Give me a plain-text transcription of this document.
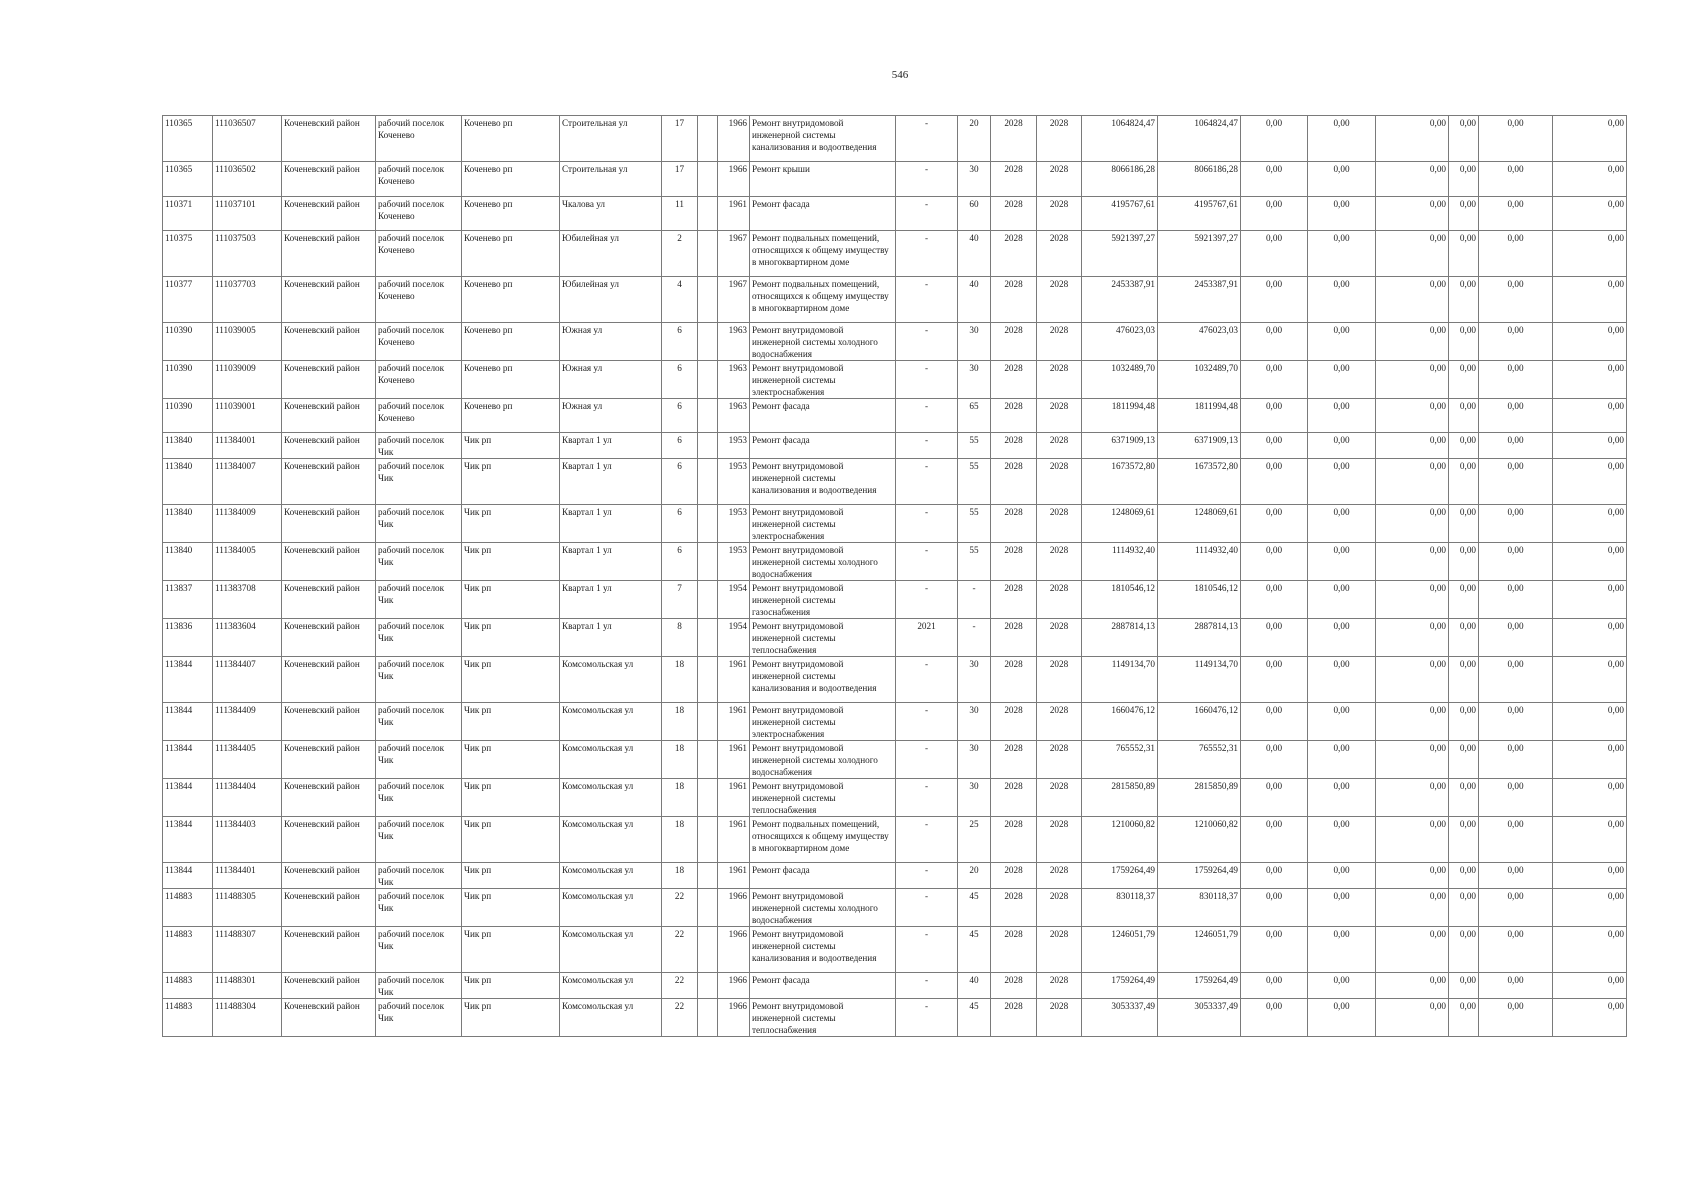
546
110365	111036507	Коченевский район	рабочий поселок Коченево	Коченево рп	Строительная ул	17		1966	Ремонт внутридомовой инженерной системы канализования и водоотведения	-	20	2028	2028	1064824,47	1064824,47	0,00	0,00	0,00	0,00	0,00	0,00
110365	111036502	Коченевский район	рабочий поселок Коченево	Коченево рп	Строительная ул	17		1966	Ремонт крыши	-	30	2028	2028	8066186,28	8066186,28	0,00	0,00	0,00	0,00	0,00	0,00
110371	111037101	Коченевский район	рабочий поселок Коченево	Коченево рп	Чкалова ул	11		1961	Ремонт фасада	-	60	2028	2028	4195767,61	4195767,61	0,00	0,00	0,00	0,00	0,00	0,00
110375	111037503	Коченевский район	рабочий поселок Коченево	Коченево рп	Юбилейная ул	2		1967	Ремонт подвальных помещений, относящихся к общему имуществу в многоквартирном доме	-	40	2028	2028	5921397,27	5921397,27	0,00	0,00	0,00	0,00	0,00	0,00
110377	111037703	Коченевский район	рабочий поселок Коченево	Коченево рп	Юбилейная ул	4		1967	Ремонт подвальных помещений, относящихся к общему имуществу в многоквартирном доме	-	40	2028	2028	2453387,91	2453387,91	0,00	0,00	0,00	0,00	0,00	0,00
110390	111039005	Коченевский район	рабочий поселок Коченево	Коченево рп	Южная ул	6		1963	Ремонт внутридомовой инженерной системы холодного водоснабжения	-	30	2028	2028	476023,03	476023,03	0,00	0,00	0,00	0,00	0,00	0,00
110390	111039009	Коченевский район	рабочий поселок Коченево	Коченево рп	Южная ул	6		1963	Ремонт внутридомовой инженерной системы электроснабжения	-	30	2028	2028	1032489,70	1032489,70	0,00	0,00	0,00	0,00	0,00	0,00
110390	111039001	Коченевский район	рабочий поселок Коченево	Коченево рп	Южная ул	6		1963	Ремонт фасада	-	65	2028	2028	1811994,48	1811994,48	0,00	0,00	0,00	0,00	0,00	0,00
113840	111384001	Коченевский район	рабочий поселок Чик	Чик рп	Квартал 1 ул	6		1953	Ремонт фасада	-	55	2028	2028	6371909,13	6371909,13	0,00	0,00	0,00	0,00	0,00	0,00
113840	111384007	Коченевский район	рабочий поселок Чик	Чик рп	Квартал 1 ул	6		1953	Ремонт внутридомовой инженерной системы канализования и водоотведения	-	55	2028	2028	1673572,80	1673572,80	0,00	0,00	0,00	0,00	0,00	0,00
113840	111384009	Коченевский район	рабочий поселок Чик	Чик рп	Квартал 1 ул	6		1953	Ремонт внутридомовой инженерной системы электроснабжения	-	55	2028	2028	1248069,61	1248069,61	0,00	0,00	0,00	0,00	0,00	0,00
113840	111384005	Коченевский район	рабочий поселок Чик	Чик рп	Квартал 1 ул	6		1953	Ремонт внутридомовой инженерной системы холодного водоснабжения	-	55	2028	2028	1114932,40	1114932,40	0,00	0,00	0,00	0,00	0,00	0,00
113837	111383708	Коченевский район	рабочий поселок Чик	Чик рп	Квартал 1 ул	7		1954	Ремонт внутридомовой инженерной системы газоснабжения	-	-	2028	2028	1810546,12	1810546,12	0,00	0,00	0,00	0,00	0,00	0,00
113836	111383604	Коченевский район	рабочий поселок Чик	Чик рп	Квартал 1 ул	8		1954	Ремонт внутридомовой инженерной системы теплоснабжения	2021	-	2028	2028	2887814,13	2887814,13	0,00	0,00	0,00	0,00	0,00	0,00
113844	111384407	Коченевский район	рабочий поселок Чик	Чик рп	Комсомольская ул	18		1961	Ремонт внутридомовой инженерной системы канализования и водоотведения	-	30	2028	2028	1149134,70	1149134,70	0,00	0,00	0,00	0,00	0,00	0,00
113844	111384409	Коченевский район	рабочий поселок Чик	Чик рп	Комсомольская ул	18		1961	Ремонт внутридомовой инженерной системы электроснабжения	-	30	2028	2028	1660476,12	1660476,12	0,00	0,00	0,00	0,00	0,00	0,00
113844	111384405	Коченевский район	рабочий поселок Чик	Чик рп	Комсомольская ул	18		1961	Ремонт внутридомовой инженерной системы холодного водоснабжения	-	30	2028	2028	765552,31	765552,31	0,00	0,00	0,00	0,00	0,00	0,00
113844	111384404	Коченевский район	рабочий поселок Чик	Чик рп	Комсомольская ул	18		1961	Ремонт внутридомовой инженерной системы теплоснабжения	-	30	2028	2028	2815850,89	2815850,89	0,00	0,00	0,00	0,00	0,00	0,00
113844	111384403	Коченевский район	рабочий поселок Чик	Чик рп	Комсомольская ул	18		1961	Ремонт подвальных помещений, относящихся к общему имуществу в многоквартирном доме	-	25	2028	2028	1210060,82	1210060,82	0,00	0,00	0,00	0,00	0,00	0,00
113844	111384401	Коченевский район	рабочий поселок Чик	Чик рп	Комсомольская ул	18		1961	Ремонт фасада	-	20	2028	2028	1759264,49	1759264,49	0,00	0,00	0,00	0,00	0,00	0,00
114883	111488305	Коченевский район	рабочий поселок Чик	Чик рп	Комсомольская ул	22		1966	Ремонт внутридомовой инженерной системы холодного водоснабжения	-	45	2028	2028	830118,37	830118,37	0,00	0,00	0,00	0,00	0,00	0,00
114883	111488307	Коченевский район	рабочий поселок Чик	Чик рп	Комсомольская ул	22		1966	Ремонт внутридомовой инженерной системы канализования и водоотведения	-	45	2028	2028	1246051,79	1246051,79	0,00	0,00	0,00	0,00	0,00	0,00
114883	111488301	Коченевский район	рабочий поселок Чик	Чик рп	Комсомольская ул	22		1966	Ремонт фасада	-	40	2028	2028	1759264,49	1759264,49	0,00	0,00	0,00	0,00	0,00	0,00
114883	111488304	Коченевский район	рабочий поселок Чик	Чик рп	Комсомольская ул	22		1966	Ремонт внутридомовой инженерной системы теплоснабжения	-	45	2028	2028	3053337,49	3053337,49	0,00	0,00	0,00	0,00	0,00	0,00
